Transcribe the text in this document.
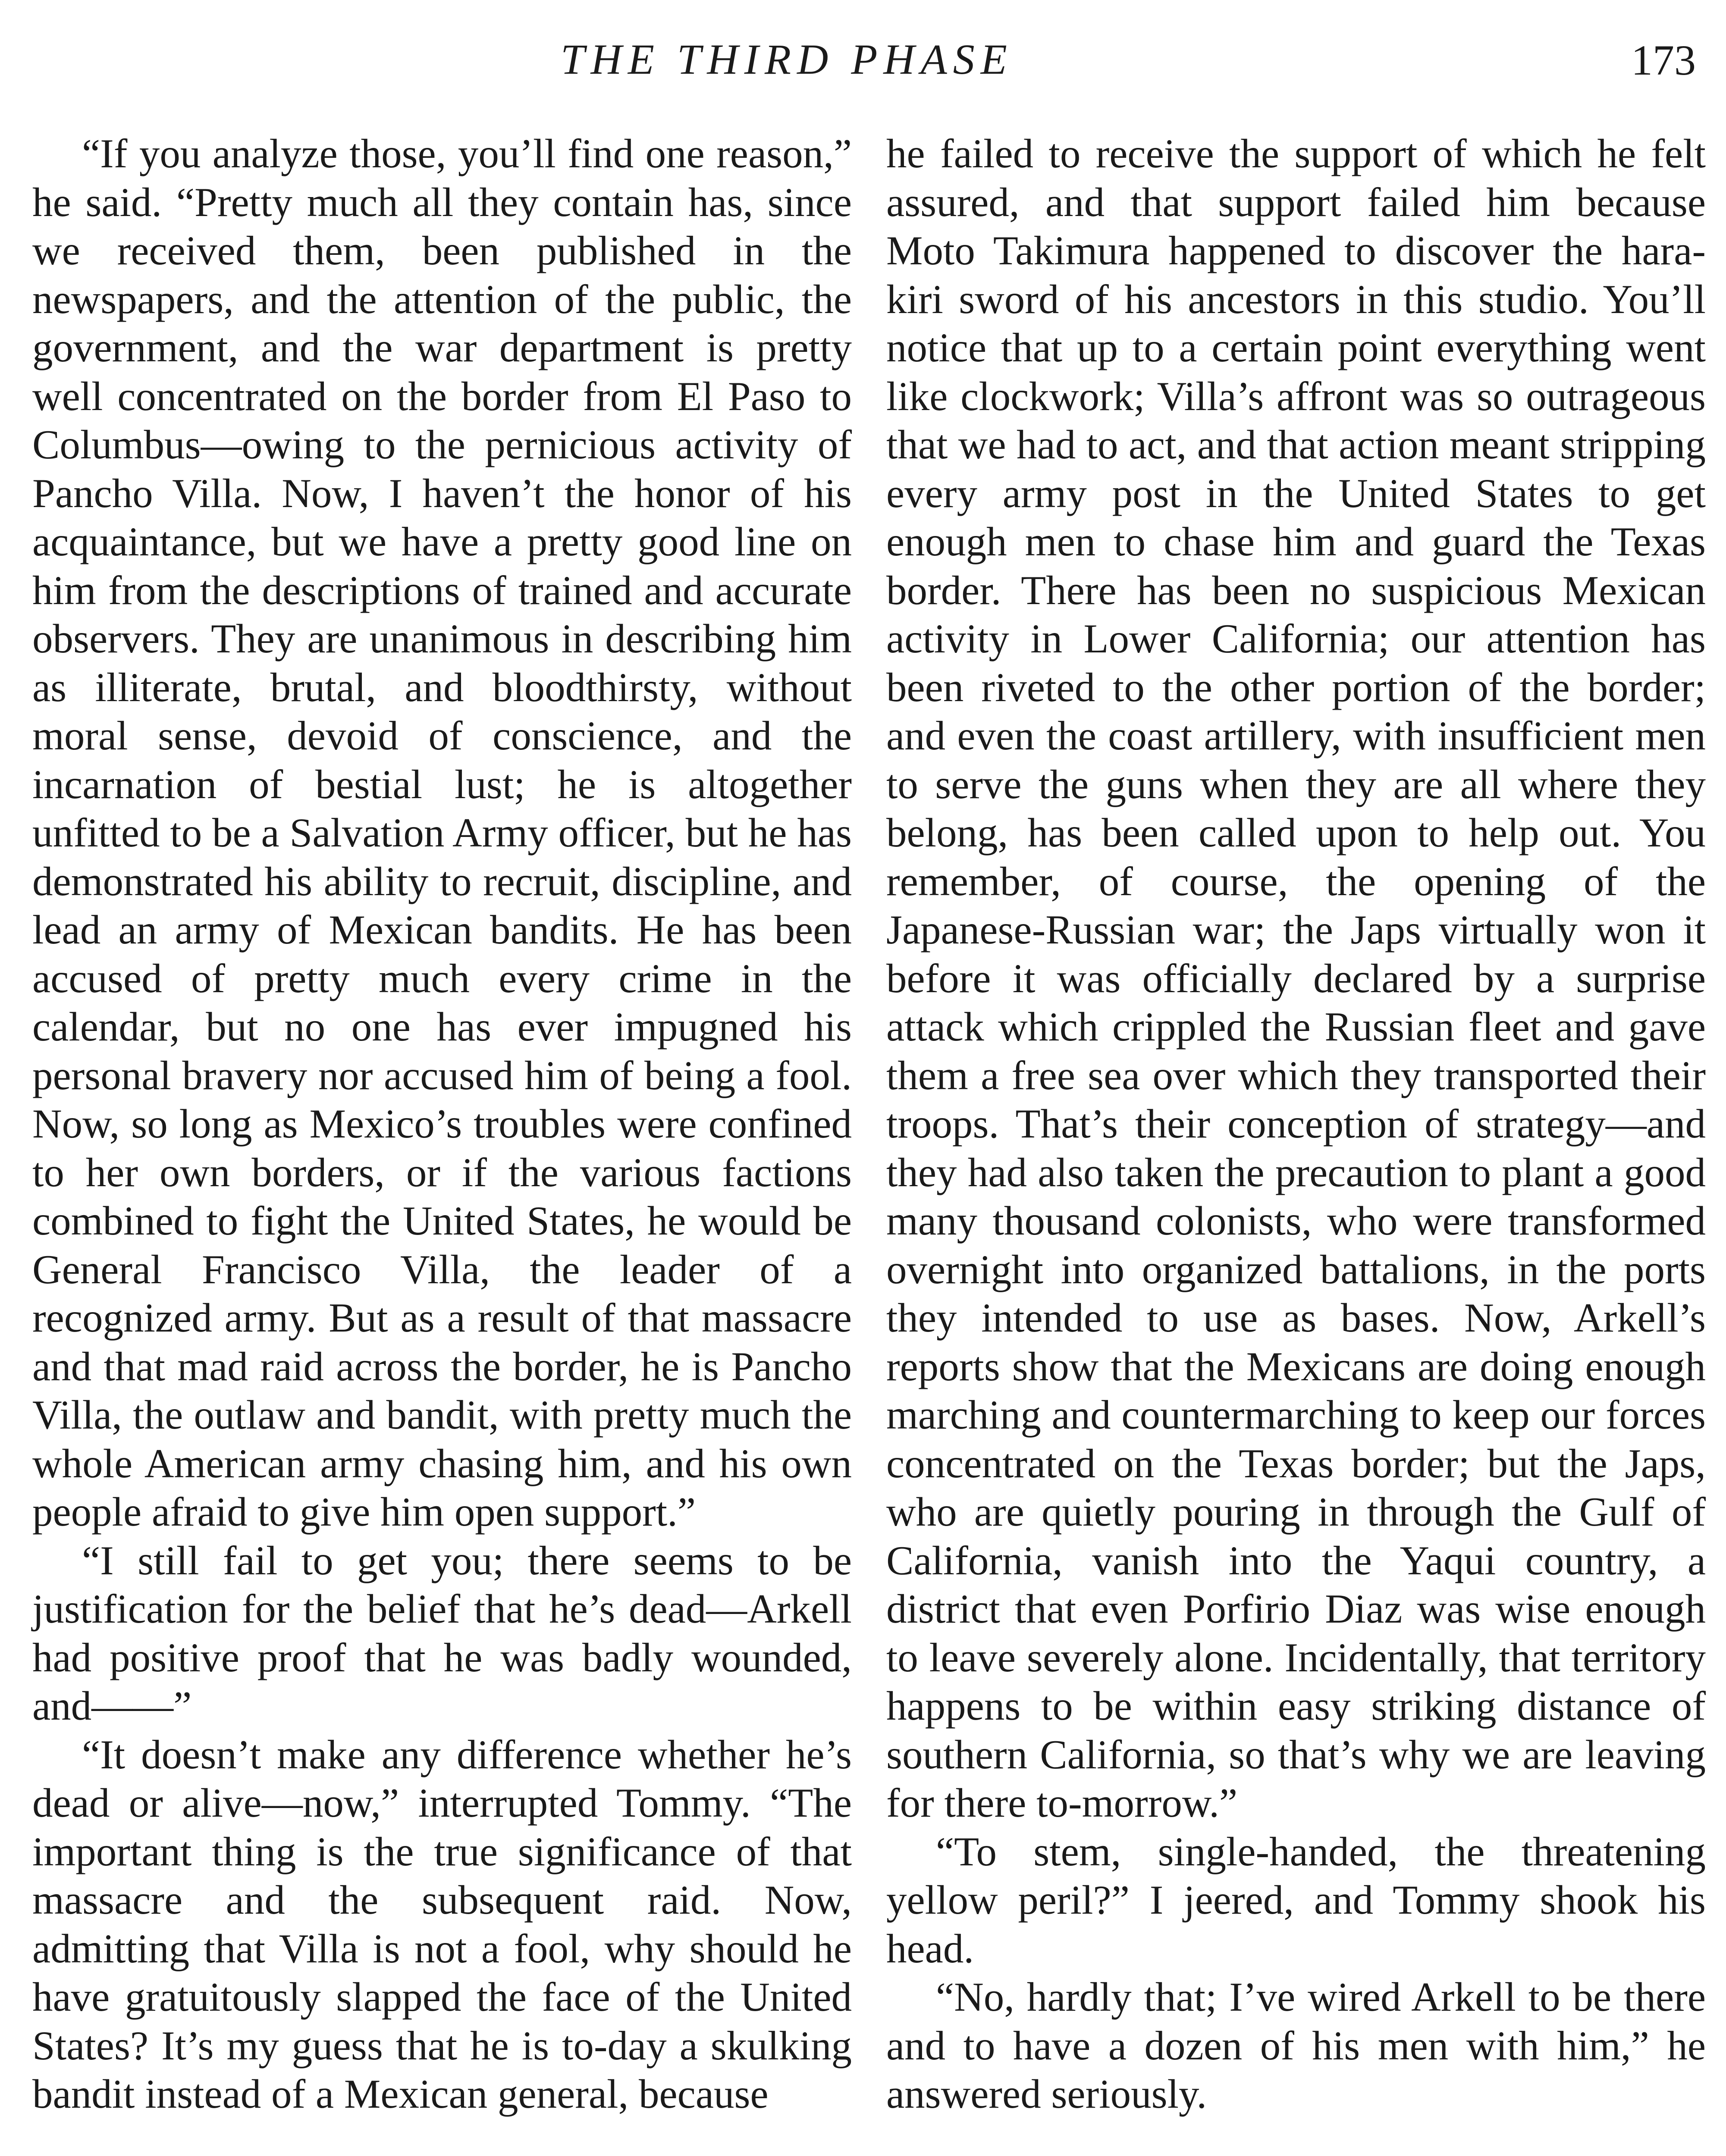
THE THIRD PHASE	173

“If you analyze those, you’ll find one reason,” he said. “Pretty much all they contain has, since we received them, been published in the newspapers, and the attention of the public, the government, and the war department is pretty well concentrated on the border from El Paso to Columbus—owing to the pernicious activity of Pancho Villa. Now, I haven’t the honor of his acquaintance, but we have a pretty good line on him from the descriptions of trained and accurate observers. They are unanimous in describing him as illiterate, brutal, and bloodthirsty, without moral sense, devoid of conscience, and the incarnation of bestial lust; he is altogether unfitted to be a Salvation Army officer, but he has demonstrated his ability to recruit, discipline, and lead an army of Mexican bandits. He has been accused of pretty much every crime in the calendar, but no one has ever impugned his personal bravery nor accused him of being a fool. Now, so long as Mexico’s troubles were confined to her own borders, or if the various factions combined to fight the United States, he would be General Francisco Villa, the leader of a recognized army. But as a result of that massacre and that mad raid across the border, he is Pancho Villa, the outlaw and bandit, with pretty much the whole American army chasing him, and his own people afraid to give him open support.”

“I still fail to get you; there seems to be justification for the belief that he’s dead—Arkell had positive proof that he was badly wounded, and——”

“It doesn’t make any difference whether he’s dead or alive—now,” interrupted Tommy. “The important thing is the true significance of that massacre and the subsequent raid. Now, admitting that Villa is not a fool, why should he have gratuitously slapped the face of the United States? It’s my guess that he is to-day a skulking bandit instead of a Mexican general, because

he failed to receive the support of which he felt assured, and that support failed him because Moto Takimura happened to discover the hara-kiri sword of his ancestors in this studio. You’ll notice that up to a certain point everything went like clockwork; Villa’s affront was so outrageous that we had to act, and that action meant stripping every army post in the United States to get enough men to chase him and guard the Texas border. There has been no suspicious Mexican activity in Lower California; our attention has been riveted to the other portion of the border; and even the coast artillery, with insufficient men to serve the guns when they are all where they belong, has been called upon to help out. You remember, of course, the opening of the Japanese-Russian war; the Japs virtually won it before it was officially declared by a surprise attack which crippled the Russian fleet and gave them a free sea over which they transported their troops. That’s their conception of strategy—and they had also taken the precaution to plant a good many thousand colonists, who were transformed overnight into organized battalions, in the ports they intended to use as bases. Now, Arkell’s reports show that the Mexicans are doing enough marching and countermarching to keep our forces concentrated on the Texas border; but the Japs, who are quietly pouring in through the Gulf of California, vanish into the Yaqui country, a district that even Porfirio Diaz was wise enough to leave severely alone. Incidentally, that territory happens to be within easy striking distance of southern California, so that’s why we are leaving for there to-morrow.”

“To stem, single-handed, the threatening yellow peril?” I jeered, and Tommy shook his head.

“No, hardly that; I’ve wired Arkell to be there and to have a dozen of his men with him,” he answered seriously.
